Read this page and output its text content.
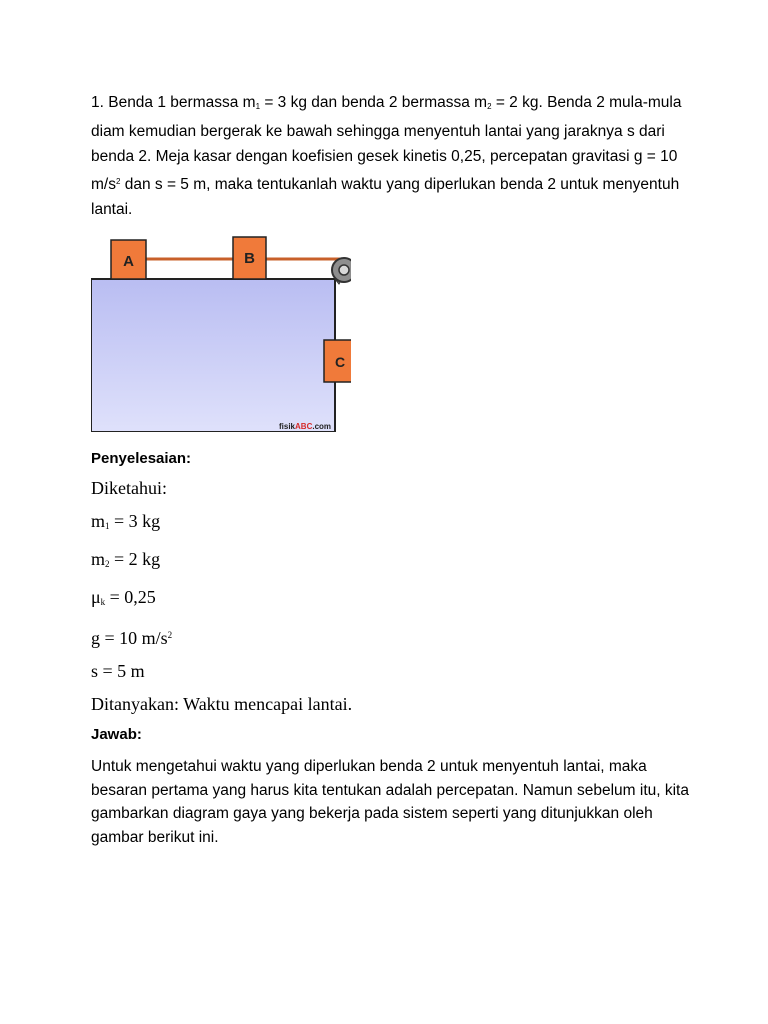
1. Benda 1 bermassa $m_1 = 3$ kg dan benda 2 bermassa $m_2 = 2$ kg. Benda 2 mula-mula diam kemudian bergerak ke bawah sehingga menyentuh lantai yang jaraknya s dari benda 2. Meja kasar dengan koefisien gesek kinetis 0,25, percepatan gravitasi g = 10 $m/s^2$ dan s = 5 m, maka tentukanlah waktu yang diperlukan benda 2 untuk menyentuh lantai.

A	B
C
fisikABC.com

Penyelesaian:

Diketahui:

$m_1 = 3$ kg

$m_2 = 2$ kg

$\mu_k = 0,25$

g = 10 $m/s^2$

s = 5 m

Ditanyakan: Waktu mencapai lantai.

Jawab:

Untuk mengetahui waktu yang diperlukan benda 2 untuk menyentuh lantai, maka besaran pertama yang harus kita tentukan adalah percepatan. Namun sebelum itu, kita gambarkan diagram gaya yang bekerja pada sistem seperti yang ditunjukkan oleh gambar berikut ini.
